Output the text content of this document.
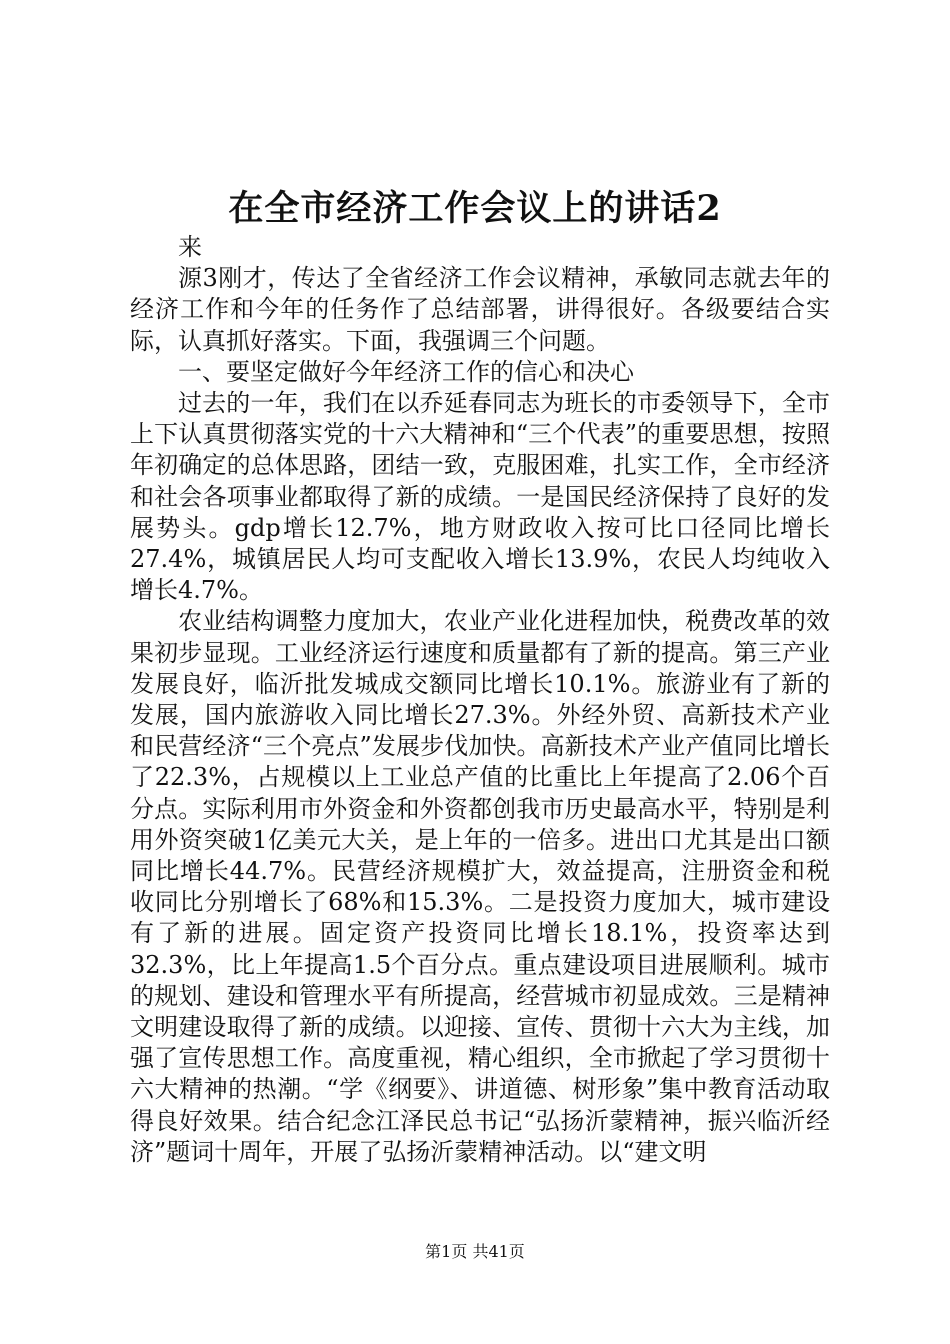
在全市经济工作会议上的讲话2

来

源3刚才，传达了全省经济工作会议精神，承敏同志就去年的经济工作和今年的任务作了总结部署，讲得很好。各级要结合实际，认真抓好落实。下面，我强调三个问题。

一、要坚定做好今年经济工作的信心和决心

过去的一年，我们在以乔延春同志为班长的市委领导下，全市上下认真贯彻落实党的十六大精神和“三个代表”的重要思想，按照年初确定的总体思路，团结一致，克服困难，扎实工作，全市经济和社会各项事业都取得了新的成绩。一是国民经济保持了良好的发展势头。gdp增长12.7%，地方财政收入按可比口径同比增长27.4%，城镇居民人均可支配收入增长13.9%，农民人均纯收入增长4.7%。

农业结构调整力度加大，农业产业化进程加快，税费改革的效果初步显现。工业经济运行速度和质量都有了新的提高。第三产业发展良好，临沂批发城成交额同比增长10.1%。旅游业有了新的发展，国内旅游收入同比增长27.3%。外经外贸、高新技术产业和民营经济“三个亮点”发展步伐加快。高新技术产业产值同比增长了22.3%，占规模以上工业总产值的比重比上年提高了2.06个百分点。实际利用市外资金和外资都创我市历史最高水平，特别是利用外资突破1亿美元大关，是上年的一倍多。进出口尤其是出口额同比增长44.7%。民营经济规模扩大，效益提高，注册资金和税收同比分别增长了68%和15.3%。二是投资力度加大，城市建设有了新的进展。固定资产投资同比增长18.1%，投资率达到32.3%，比上年提高1.5个百分点。重点建设项目进展顺利。城市的规划、建设和管理水平有所提高，经营城市初显成效。三是精神文明建设取得了新的成绩。以迎接、宣传、贯彻十六大为主线，加强了宣传思想工作。高度重视，精心组织，全市掀起了学习贯彻十六大精神的热潮。“学《纲要》、讲道德、树形象”集中教育活动取得良好效果。结合纪念江泽民总书记“弘扬沂蒙精神，振兴临沂经济”题词十周年，开展了弘扬沂蒙精神活动。以“建文明

第1页 共41页
